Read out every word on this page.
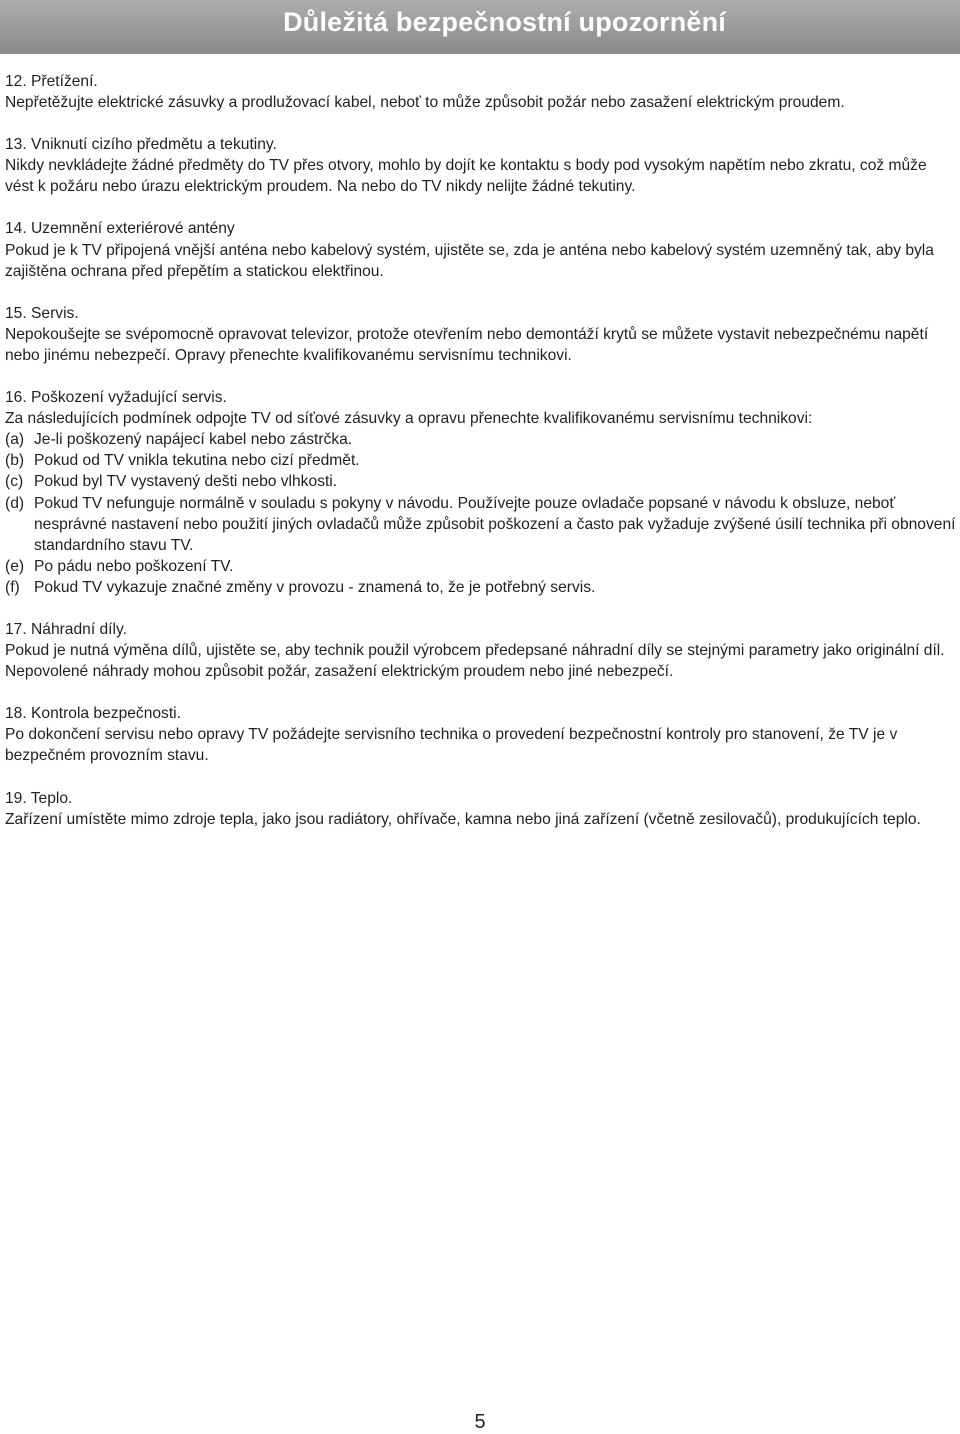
Důležitá bezpečnostní upozornění

12. Přetížení.

Nepřetěžujte elektrické zásuvky a prodlužovací kabel, neboť to může způsobit požár nebo zasažení elektrickým proudem.

13. Vniknutí cizího předmětu a tekutiny.

Nikdy nevkládejte žádné předměty do TV přes otvory, mohlo by dojít ke kontaktu s body pod vysokým napětím nebo zkratu, což může vést k požáru nebo úrazu elektrickým proudem. Na nebo do TV nikdy nelijte žádné tekutiny.

14. Uzemnění exteriérové antény

Pokud je k TV připojená vnější anténa nebo kabelový systém, ujistěte se, zda je anténa nebo kabelový systém uzemněný tak, aby byla zajištěna ochrana před přepětím a statickou elektřinou.

15. Servis.

Nepokoušejte se svépomocně opravovat televizor, protože otevřením nebo demontáží krytů se můžete vystavit nebezpečnému napětí nebo jinému nebezpečí. Opravy přenechte kvalifikovanému servisnímu technikovi.

16. Poškození vyžadující servis.

Za následujících podmínek odpojte TV od síťové zásuvky a opravu přenechte kvalifikovanému servisnímu technikovi:

(a) Je-li poškozený napájecí kabel nebo zástrčka.
(b) Pokud od TV vnikla tekutina nebo cizí předmět.
(c) Pokud byl TV vystavený dešti nebo vlhkosti.
(d) Pokud TV nefunguje normálně v souladu s pokyny v návodu. Používejte pouze ovladače popsané v návodu k obsluze, neboť nesprávné nastavení nebo použití jiných ovladačů může způsobit poškození a často pak vyžaduje zvýšené úsilí technika při obnovení standardního stavu TV.
(e) Po pádu nebo poškození TV.
(f) Pokud TV vykazuje značné změny v provozu - znamená to, že je potřebný servis.

17. Náhradní díly.

Pokud je nutná výměna dílů, ujistěte se, aby technik použil výrobcem předepsané náhradní díly se stejnými parametry jako originální díl. Nepovolené náhrady mohou způsobit požár, zasažení elektrickým proudem nebo jiné nebezpečí.

18. Kontrola bezpečnosti.

Po dokončení servisu nebo opravy TV požádejte servisního technika o provedení bezpečnostní kontroly pro stanovení, že TV je v bezpečném provozním stavu.

19. Teplo.

Zařízení umístěte mimo zdroje tepla, jako jsou radiátory, ohřívače, kamna nebo jiná zařízení (včetně zesilovačů), produkujících teplo.

5
